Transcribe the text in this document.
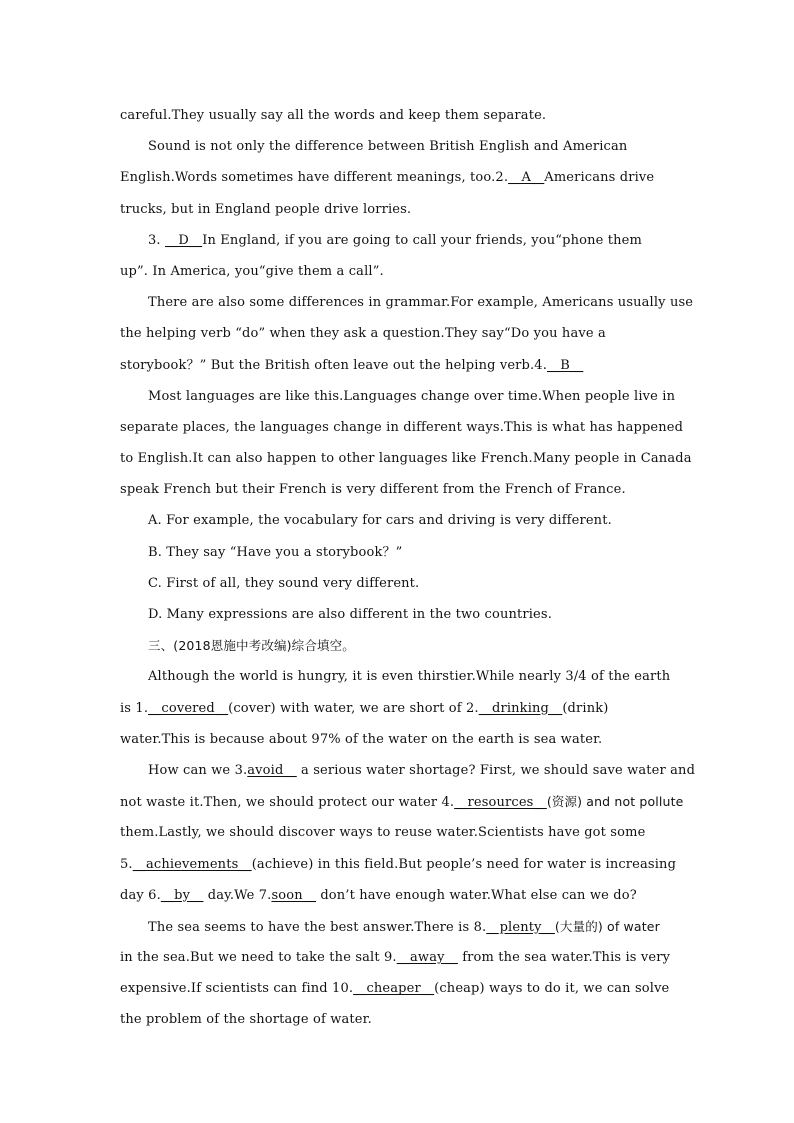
careful.They usually say all the words and keep them separate.
Sound is not only the difference between British English and American
English.Words sometimes have different meanings, too.2.__A__Americans drive
trucks, but in England people drive lorries.
3. __D__In England, if you are going to call your friends, you“phone them
up”. In America, you“give them a call”.
There are also some differences in grammar.For example, Americans usually use
the helping verb “do” when they ask a question.They say“Do you have a
storybook？” But the British often leave out the helping verb.4.__B__
Most languages are like this.Languages change over time.When people live in
separate places, the languages change in different ways.This is what has happened
to English.It can also happen to other languages like French.Many people in Canada
speak French but their French is very different from the French of France.
A. For example, the vocabulary for cars and driving is very different.
B. They say “Have you a storybook？”
C. First of all, they sound very different.
D. Many expressions are also different in the two countries.
三、(2018恩施中考改编)综合填空。
Although the world is hungry, it is even thirstier.While nearly 3/4 of the earth
is 1.__covered__(cover) with water, we are short of 2.__drinking__(drink)
water.This is because about 97% of the water on the earth is sea water.
How can we 3.avoid__ a serious water shortage? First, we should save water and
not waste it.Then, we should protect our water 4.__resources__(资源) and not pollute
them.Lastly, we should discover ways to reuse water.Scientists have got some
5.__achievements__(achieve) in this field.But people’s need for water is increasing
day 6.__by__ day.We 7.soon__ don’t have enough water.What else can we do?
The sea seems to have the best answer.There is 8.__plenty__(大量的) of water
in the sea.But we need to take the salt 9.__away__ from the sea water.This is very
expensive.If scientists can find 10.__cheaper__(cheap) ways to do it, we can solve
the problem of the shortage of water.
